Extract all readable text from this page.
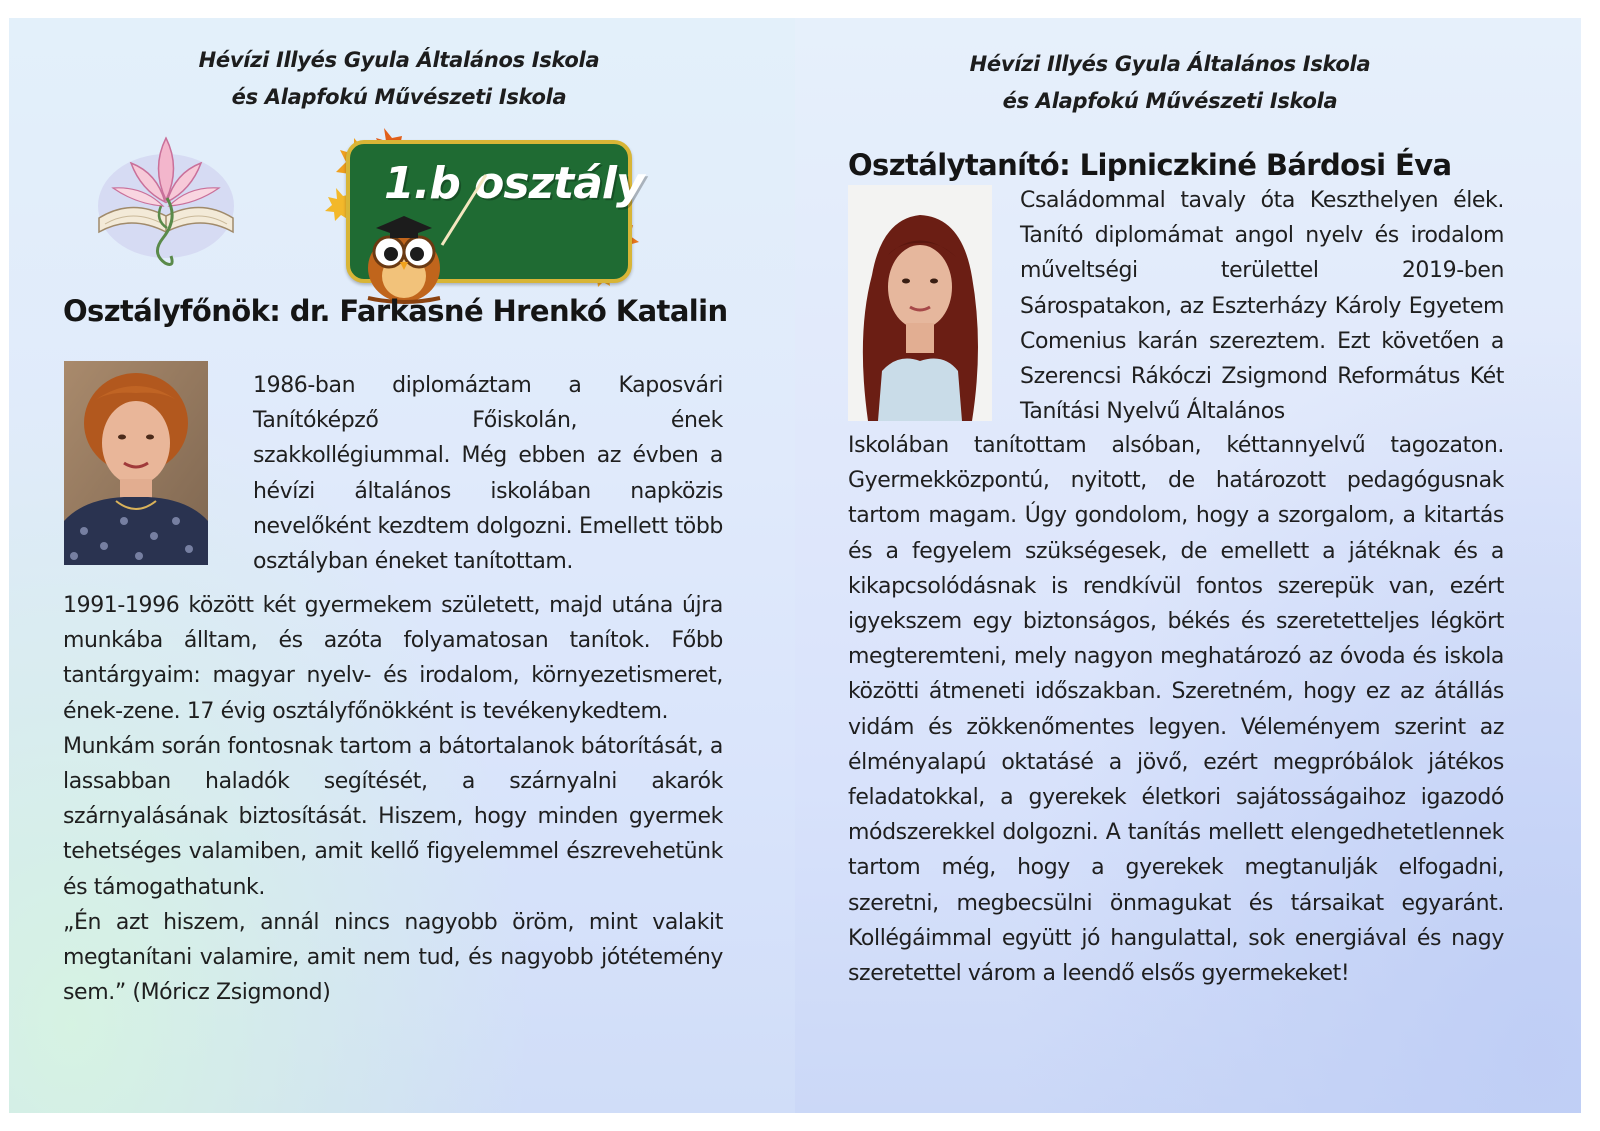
Hévízi Illyés Gyula Általános Iskola
és Alapfokú Művészeti Iskola
1.b osztály
Osztályfőnök: dr. Farkasné Hrenkó Katalin

1986-ban diplomáztam a Kaposvári Tanítóképző Főiskolán, ének szakkollégiummal. Még ebben az évben a hévízi általános iskolában napközis nevelőként kezdtem dolgozni. Emellett több osztályban éneket tanítottam.

1991-1996 között két gyermekem született, majd utána újra munkába álltam, és azóta folyamatosan tanítok. Főbb tantárgyaim: magyar nyelv- és irodalom, környezetismeret, ének-zene. 17 évig osztályfőnökként is tevékenykedtem.

Munkám során fontosnak tartom a bátortalanok bátorítását, a lassabban haladók segítését, a szárnyalni akarók szárnyalásának biztosítását. Hiszem, hogy minden gyermek tehetséges valamiben, amit kellő figyelemmel észrevehetünk és támogathatunk.

„Én azt hiszem, annál nincs nagyobb öröm, mint valakit megtanítani valamire, amit nem tud, és nagyobb jótétemény sem.” (Móricz Zsigmond)

Hévízi Illyés Gyula Általános Iskola
és Alapfokú Művészeti Iskola
Osztálytanító: Lipniczkiné Bárdosi Éva

Családommal tavaly óta Keszthelyen élek. Tanító diplomámat angol nyelv és irodalom műveltségi területtel 2019-ben Sárospatakon, az Eszterházy Károly Egyetem Comenius karán szereztem. Ezt követően a Szerencsi Rákóczi Zsigmond Református Két Tanítási Nyelvű Általános

Iskolában tanítottam alsóban, kéttannyelvű tagozaton. Gyermekközpontú, nyitott, de határozott pedagógusnak tartom magam. Úgy gondolom, hogy a szorgalom, a kitartás és a fegyelem szükségesek, de emellett a játéknak és a kikapcsolódásnak is rendkívül fontos szerepük van, ezért igyekszem egy biztonságos, békés és szeretetteljes légkört megteremteni, mely nagyon meghatározó az óvoda és iskola közötti átmeneti időszakban. Szeretném, hogy ez az átállás vidám és zökkenőmentes legyen. Véleményem szerint az élményalapú oktatásé a jövő, ezért megpróbálok játékos feladatokkal, a gyerekek életkori sajátosságaihoz igazodó módszerekkel dolgozni. A tanítás mellett elengedhetetlennek tartom még, hogy a gyerekek megtanulják elfogadni, szeretni, megbecsülni önmagukat és társaikat egyaránt. Kollégáimmal együtt jó hangulattal, sok energiával és nagy szeretettel várom a leendő elsős gyermekeket!
